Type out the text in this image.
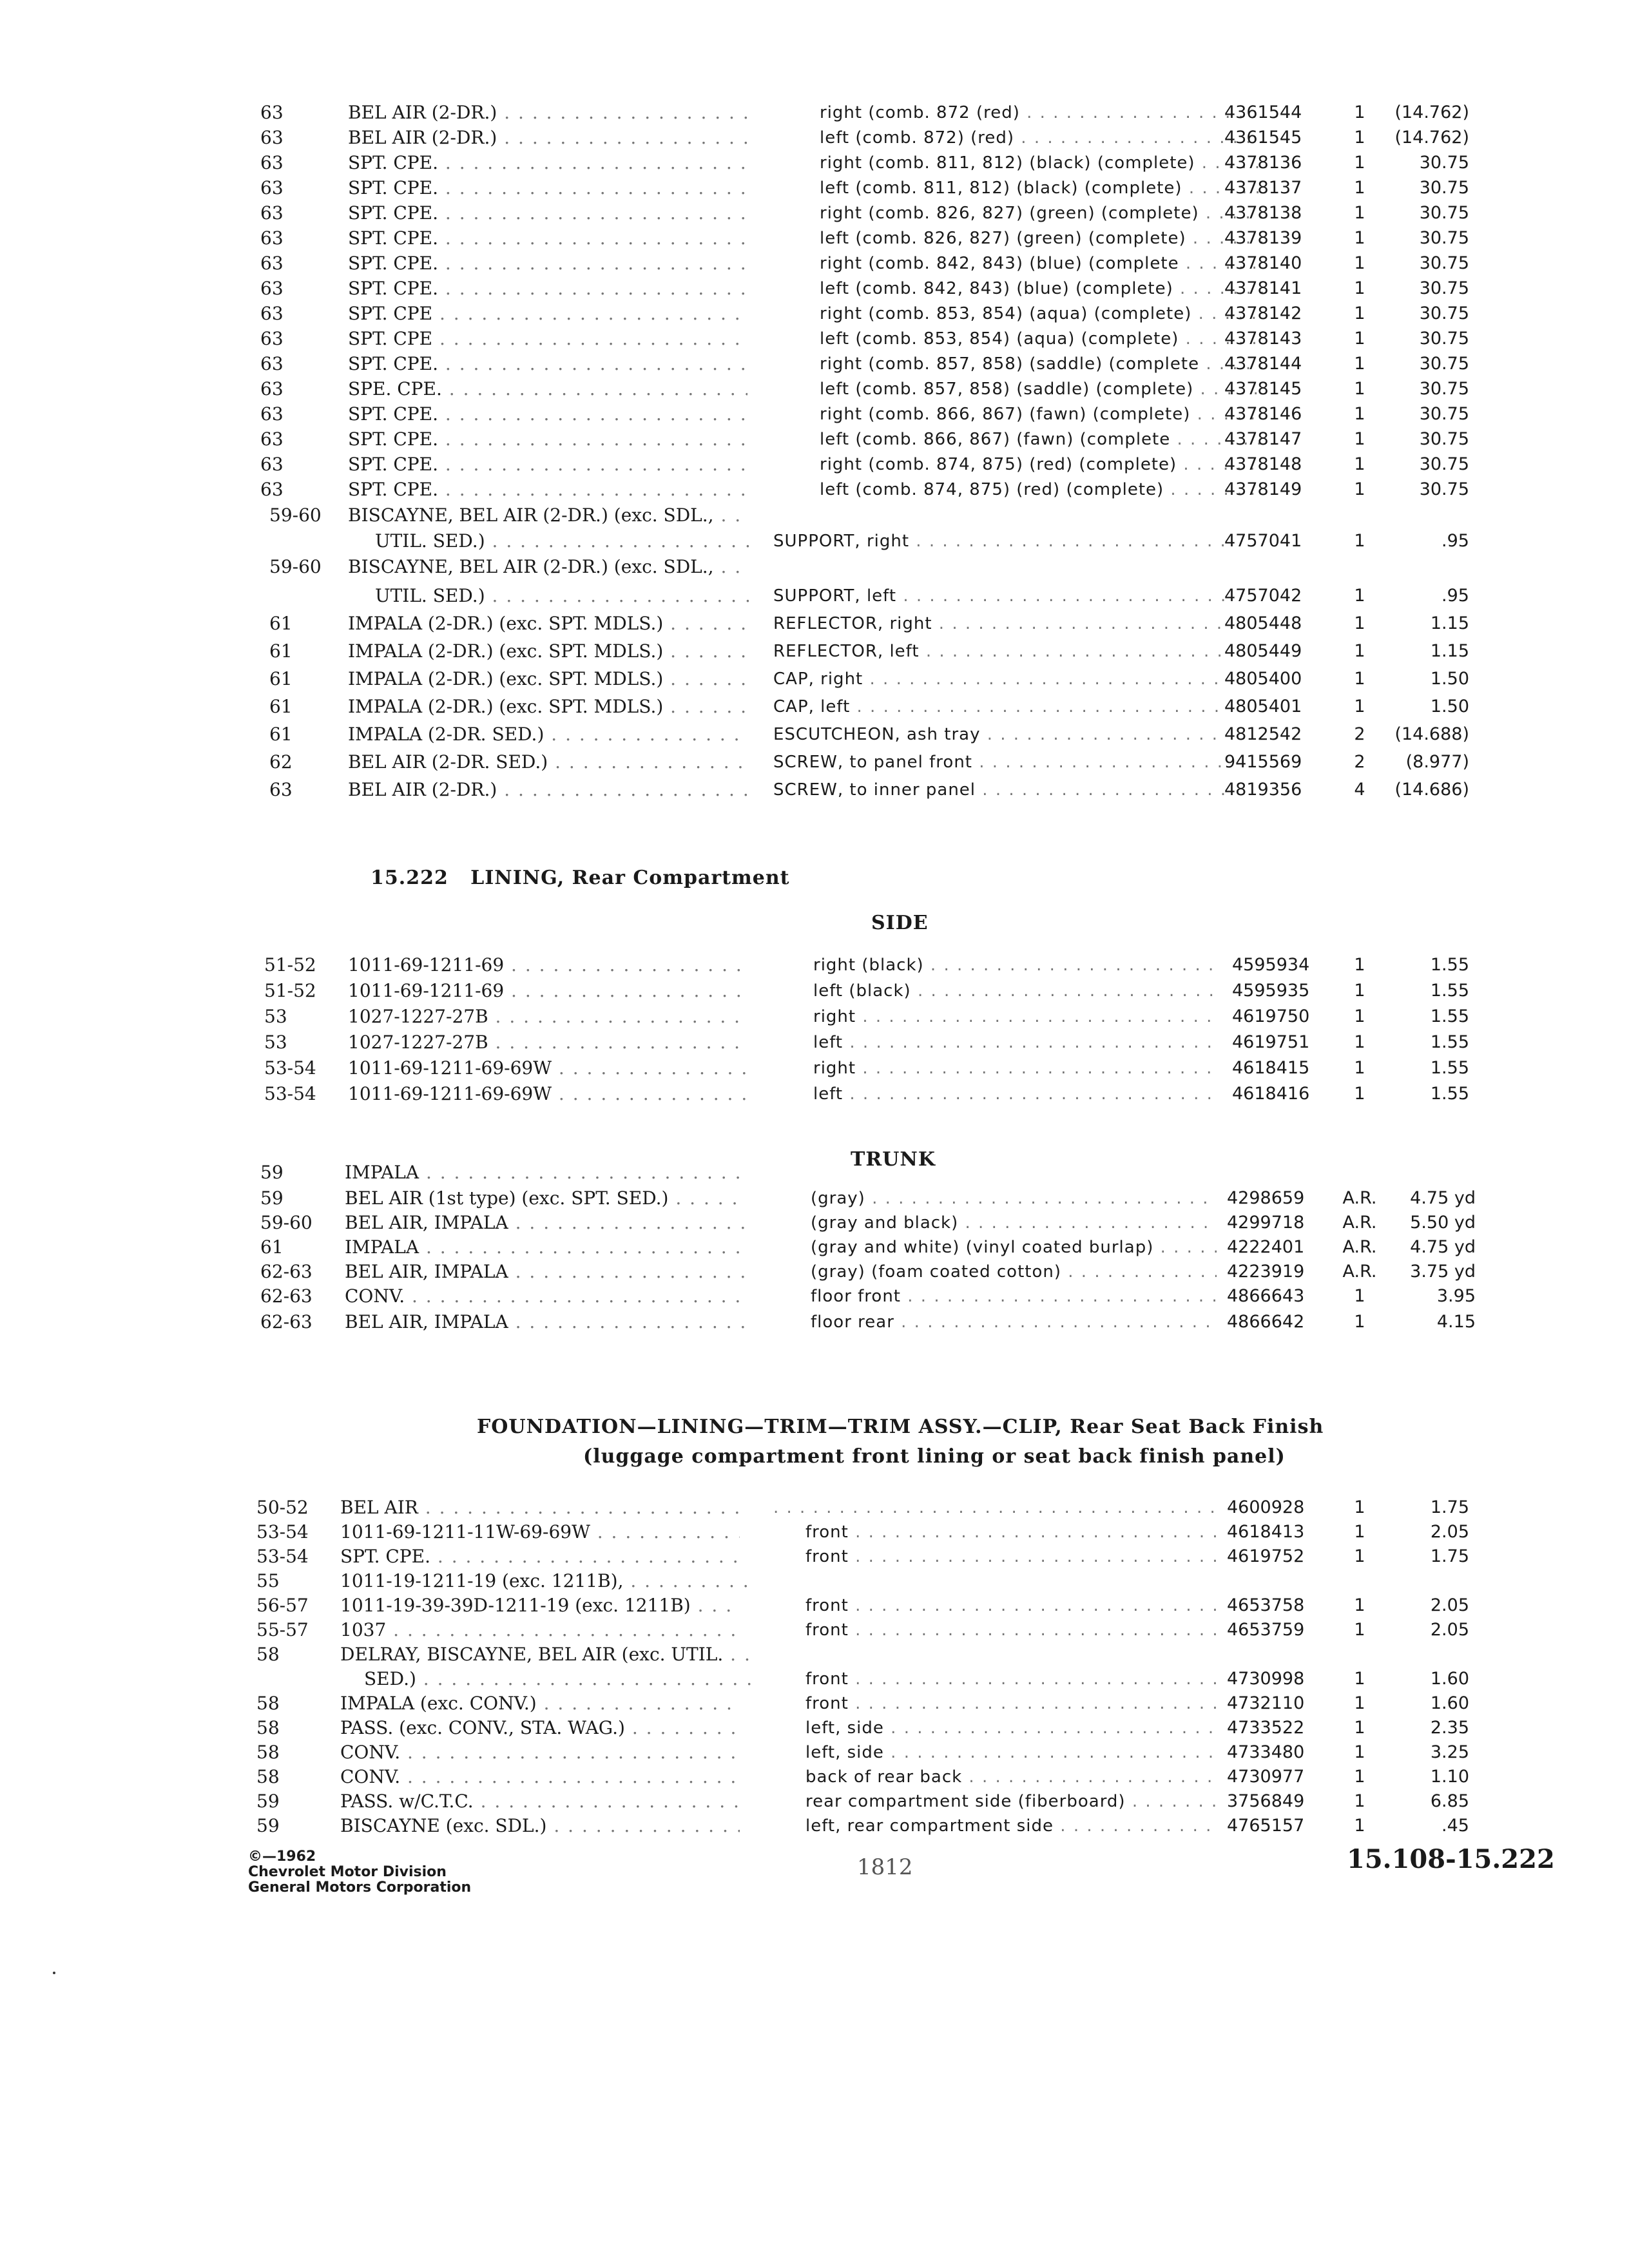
63	BEL AIR (2-DR.) . . .	right (comb. 872 (red) . . .	4361544	1	(14.762)
63	BEL AIR (2-DR.) . . .	left (comb. 872) (red) . . .	4361545	1	(14.762)
63	SPT. CPE. . . .	right (comb. 811, 812) (black) (complete) . . .	4378136	1	30.75
63	SPT. CPE. . . .	left (comb. 811, 812) (black) (complete) . . .	4378137	1	30.75
63	SPT. CPE. . . .	right (comb. 826, 827) (green) (complete) . . .	4378138	1	30.75
63	SPT. CPE. . . .	left (comb. 826, 827) (green) (complete) . . .	4378139	1	30.75
63	SPT. CPE. . . .	right (comb. 842, 843) (blue) (complete . . .	4378140	1	30.75
63	SPT. CPE. . . .	left (comb. 842, 843) (blue) (complete) . . .	4378141	1	30.75
63	SPT. CPE . . .	right (comb. 853, 854) (aqua) (complete) . . .	4378142	1	30.75
63	SPT. CPE . . .	left (comb. 853, 854) (aqua) (complete) . . .	4378143	1	30.75
63	SPT. CPE. . . .	right (comb. 857, 858) (saddle) (complete . . .	4378144	1	30.75
63	SPE. CPE. . . .	left (comb. 857, 858) (saddle) (complete) . . .	4378145	1	30.75
63	SPT. CPE. . . .	right (comb. 866, 867) (fawn) (complete) . . .	4378146	1	30.75
63	SPT. CPE. . . .	left (comb. 866, 867) (fawn) (complete . . .	4378147	1	30.75
63	SPT. CPE. . . .	right (comb. 874, 875) (red) (complete) . . .	4378148	1	30.75
63	SPT. CPE. . . .	left (comb. 874, 875) (red) (complete) . . .	4378149	1	30.75
59-60 BISCAYNE, BEL AIR (2-DR.) (exc. SDL., . . .
UTIL. SED.) . . .	SUPPORT, right . . .	4757041	1	.95
59-60 BISCAYNE, BEL AIR (2-DR.) (exc. SDL., . . .
UTIL. SED.) . . .	SUPPORT, left . . .	4757042	1	.95
61	IMPALA (2-DR.) (exc. SPT. MDLS.) . . .	REFLECTOR, right . . .	4805448	1	1.15
61	IMPALA (2-DR.) (exc. SPT. MDLS.) . . .	REFLECTOR, left . . .	4805449	1	1.15
61	IMPALA (2-DR.) (exc. SPT. MDLS.) . . .	CAP, right . . .	4805400	1	1.50
61	IMPALA (2-DR.) (exc. SPT. MDLS.) . . .	CAP, left . . .	4805401	1	1.50
61	IMPALA (2-DR. SED.) . . .	ESCUTCHEON, ash tray . . .	4812542	2	(14.688)
62	BEL AIR (2-DR. SED.) . . .	SCREW, to panel front . . .	9415569	2	(8.977)
63	BEL AIR (2-DR.) . . .	SCREW, to inner panel . . .	4819356	4	(14.686)
15.222 LINING, Rear Compartment
SIDE
51-52 1011-69-1211-69 . . .	right (black) . . .	4595934	1	1.55
51-52 1011-69-1211-69 . . .	left (black) . . .	4595935	1	1.55
53	1027-1227-27B . . .	right . . .	4619750	1	1.55
53	1027-1227-27B . . .	left . . .	4619751	1	1.55
53-54 1011-69-1211-69-69W . . .	right . . .	4618415	1	1.55
53-54 1011-69-1211-69-69W . . .	left . . .	4618416	1	1.55
TRUNK
59	IMPALA . . .
59	BEL AIR (1st type) (exc. SPT. SED.) . . .	(gray) . . .	4298659	A.R.	4.75 yd
59-60 BEL AIR, IMPALA . . .	(gray and black) . . .	4299718	A.R.	5.50 yd
61	IMPALA . . .	(gray and white) (vinyl coated burlap) . . .	4222401	A.R.	4.75 yd
62-63 BEL AIR, IMPALA . . .	(gray) (foam coated cotton) . . .	4223919	A.R.	3.75 yd
62-63 CONV. . . .	floor front . . .	4866643	1	3.95
62-63 BEL AIR, IMPALA . . .	floor rear . . .	4866642	1	4.15
FOUNDATION—LINING—TRIM—TRIM ASSY.—CLIP, Rear Seat Back Finish
(luggage compartment front lining or seat back finish panel)
50-52 BEL AIR . . .
. . .	4600928	1	1.75
53-54 1011-69-1211-11W-69-69W . . .	front . . .	4618413	1	2.05
53-54 SPT. CPE. . . .	front . . .	4619752	1	1.75
55	1011-19-1211-19 (exc. 1211B), . . .
56-57 1011-19-39-39D-1211-19 (exc. 1211B) . . .	front . . .	4653758	1	2.05
55-57 1037 . . .	front . . .	4653759	1	2.05
58	DELRAY, BISCAYNE, BEL AIR (exc. UTIL. . . .
SED.) . . .	front . . .	4730998	1	1.60
58	IMPALA (exc. CONV.) . . .	front . . .	4732110	1	1.60
58	PASS. (exc. CONV., STA. WAG.) . . .	left, side . . .	4733522	1	2.35
58	CONV. . . .	left, side . . .	4733480	1	3.25
58	CONV. . . .	back of rear back . . .	4730977	1	1.10
59	PASS. w/C.T.C. . . .	rear compartment side (fiberboard) . . .	3756849	1	6.85
59	BISCAYNE (exc. SDL.) . . .	left, rear compartment side . . .	4765157	1	.45
©—1962
Chevrolet Motor Division
General Motors Corporation
1812	15.108-15.222
